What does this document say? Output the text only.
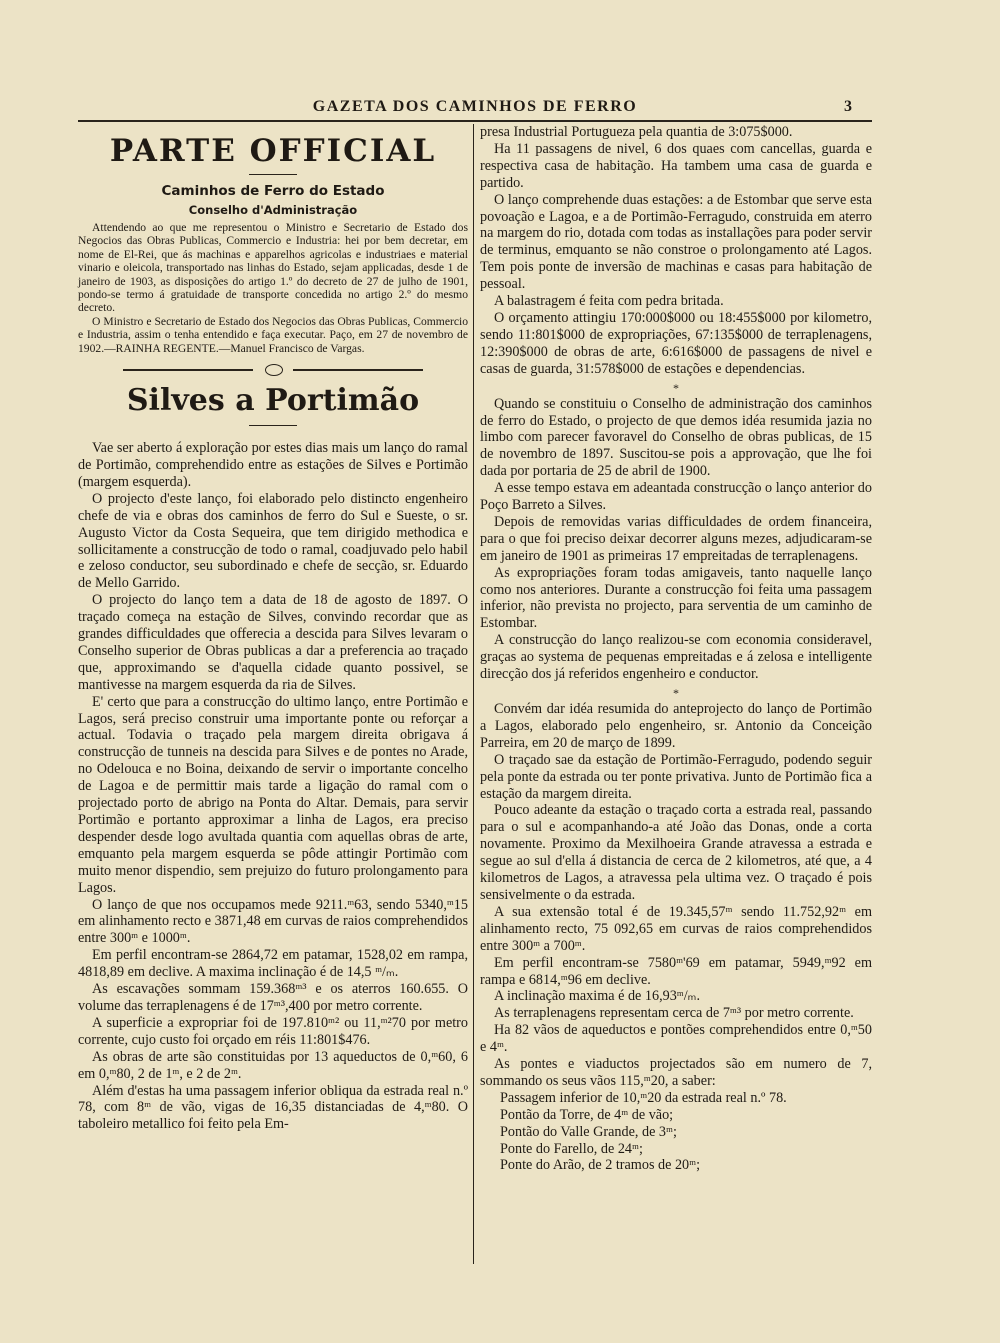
GAZETA DOS CAMINHOS DE FERRO	3
PARTE OFFICIAL
Caminhos de Ferro do Estado
Conselho d'Administração

Attendendo ao que me representou o Ministro e Secretario de Estado dos Negocios das Obras Publicas, Commercio e Industria: hei por bem decretar, em nome de El-Rei, que ás machinas e apparelhos agricolas e industriaes e material vinario e oleicola, transportado nas linhas do Estado, sejam applicadas, desde 1 de janeiro de 1903, as disposições do artigo 1.º do decreto de 27 de julho de 1901, pondo-se termo á gratuidade de transporte concedida no artigo 2.º do mesmo decreto.

O Ministro e Secretario de Estado dos Negocios das Obras Publicas, Commercio e Industria, assim o tenha entendido e faça executar. Paço, em 27 de novembro de 1902.—RAINHA REGENTE.—Manuel Francisco de Vargas.

Silves a Portimão

Vae ser aberto á exploração por estes dias mais um lanço do ramal de Portimão, comprehendido entre as estações de Silves e Portimão (margem esquerda).

O projecto d'este lanço, foi elaborado pelo distincto engenheiro chefe de via e obras dos caminhos de ferro do Sul e Sueste, o sr. Augusto Victor da Costa Sequeira, que tem dirigido methodica e sollicitamente a construcção de todo o ramal, coadjuvado pelo habil e zeloso conductor, seu subordinado e chefe de secção, sr. Eduardo de Mello Garrido.

O projecto do lanço tem a data de 18 de agosto de 1897. O traçado começa na estação de Silves, convindo recordar que as grandes difficuldades que offerecia a descida para Silves levaram o Conselho superior de Obras publicas a dar a preferencia ao traçado que, approximando se d'aquella cidade quanto possivel, se mantivesse na margem esquerda da ria de Silves.

E' certo que para a construcção do ultimo lanço, entre Portimão e Lagos, será preciso construir uma importante ponte ou reforçar a actual. Todavia o traçado pela margem direita obrigava á construcção de tunneis na descida para Silves e de pontes no Arade, no Odelouca e no Boina, deixando de servir o importante concelho de Lagoa e de permittir mais tarde a ligação do ramal com o projectado porto de abrigo na Ponta do Altar. Demais, para servir Portimão e portanto approximar a linha de Lagos, era preciso despender desde logo avultada quantia com aquellas obras de arte, emquanto pela margem esquerda se pôde attingir Portimão com muito menor dispendio, sem prejuizo do futuro prolongamento para Lagos.

O lanço de que nos occupamos mede 9211.ᵐ63, sendo 5340,ᵐ15 em alinhamento recto e 3871,48 em curvas de raios comprehendidos entre 300ᵐ e 1000ᵐ.

Em perfil encontram-se 2864,72 em patamar, 1528,02 em rampa, 4818,89 em declive. A maxima inclinação é de 14,5 ᵐ/ₘ.

As escavações sommam 159.368ᵐ³ e os aterros 160.655. O volume das terraplenagens é de 17ᵐ³,400 por metro corrente.

A superficie a expropriar foi de 197.810ᵐ² ou 11,ᵐ²70 por metro corrente, cujo custo foi orçado em réis 11:801$476.

As obras de arte são constituidas por 13 aqueductos de 0,ᵐ60, 6 em 0,ᵐ80, 2 de 1ᵐ, e 2 de 2ᵐ.

Além d'estas ha uma passagem inferior obliqua da estrada real n.º 78, com 8ᵐ de vão, vigas de 16,35 distanciadas de 4,ᵐ80. O taboleiro metallico foi feito pela Em-

presa Industrial Portugueza pela quantia de 3:075$000.

Ha 11 passagens de nivel, 6 dos quaes com cancellas, guarda e respectiva casa de habitação. Ha tambem uma casa de guarda e partido.

O lanço comprehende duas estações: a de Estombar que serve esta povoação e Lagoa, e a de Portimão-Ferragudo, construida em aterro na margem do rio, dotada com todas as installações para poder servir de terminus, emquanto se não constroe o prolongamento até Lagos. Tem pois ponte de inversão de machinas e casas para habitação de pessoal.

A balastragem é feita com pedra britada.

O orçamento attingiu 170:000$000 ou 18:455$000 por kilometro, sendo 11:801$000 de expropriações, 67:135$000 de terraplenagens, 12:390$000 de obras de arte, 6:616$000 de passagens de nivel e casas de guarda, 31:578$000 de estações e dependencias.

*

Quando se constituiu o Conselho de administração dos caminhos de ferro do Estado, o projecto de que demos idéa resumida jazia no limbo com parecer favoravel do Conselho de obras publicas, de 15 de novembro de 1897. Suscitou-se pois a approvação, que lhe foi dada por portaria de 25 de abril de 1900.

A esse tempo estava em adeantada construcção o lanço anterior do Poço Barreto a Silves.

Depois de removidas varias difficuldades de ordem financeira, para o que foi preciso deixar decorrer alguns mezes, adjudicaram-se em janeiro de 1901 as primeiras 17 empreitadas de terraplenagens.

As expropriações foram todas amigaveis, tanto naquelle lanço como nos anteriores. Durante a construcção foi feita uma passagem inferior, não prevista no projecto, para serventia de um caminho de Estombar.

A construcção do lanço realizou-se com economia consideravel, graças ao systema de pequenas empreitadas e á zelosa e intelligente direcção dos já referidos engenheiro e conductor.

*

Convém dar idéa resumida do anteprojecto do lanço de Portimão a Lagos, elaborado pelo engenheiro, sr. Antonio da Conceição Parreira, em 20 de março de 1899.

O traçado sae da estação de Portimão-Ferragudo, podendo seguir pela ponte da estrada ou ter ponte privativa. Junto de Portimão fica a estação da margem direita.

Pouco adeante da estação o traçado corta a estrada real, passando para o sul e acompanhando-a até João das Donas, onde a corta novamente. Proximo da Mexilhoeira Grande atravessa a estrada e segue ao sul d'ella á distancia de cerca de 2 kilometros, até que, a 4 kilometros de Lagos, a atravessa pela ultima vez. O traçado é pois sensivelmente o da estrada.

A sua extensão total é de 19.345,57ᵐ sendo 11.752,92ᵐ em alinhamento recto, 75 092,65 em curvas de raios comprehendidos entre 300ᵐ a 700ᵐ.

Em perfil encontram-se 7580ᵐ'69 em patamar, 5949,ᵐ92 em rampa e 6814,ᵐ96 em declive.

A inclinação maxima é de 16,93ᵐ/ₘ.

As terraplenagens representam cerca de 7ᵐ³ por metro corrente.

Ha 82 vãos de aqueductos e pontões comprehendidos entre 0,ᵐ50 e 4ᵐ.

As pontes e viaductos projectados são em numero de 7, sommando os seus vãos 115,ᵐ20, a saber:

Passagem inferior de 10,ᵐ20 da estrada real n.º 78.

Pontão da Torre, de 4ᵐ de vão;

Pontão do Valle Grande, de 3ᵐ;

Ponte do Farello, de 24ᵐ;

Ponte do Arão, de 2 tramos de 20ᵐ;
